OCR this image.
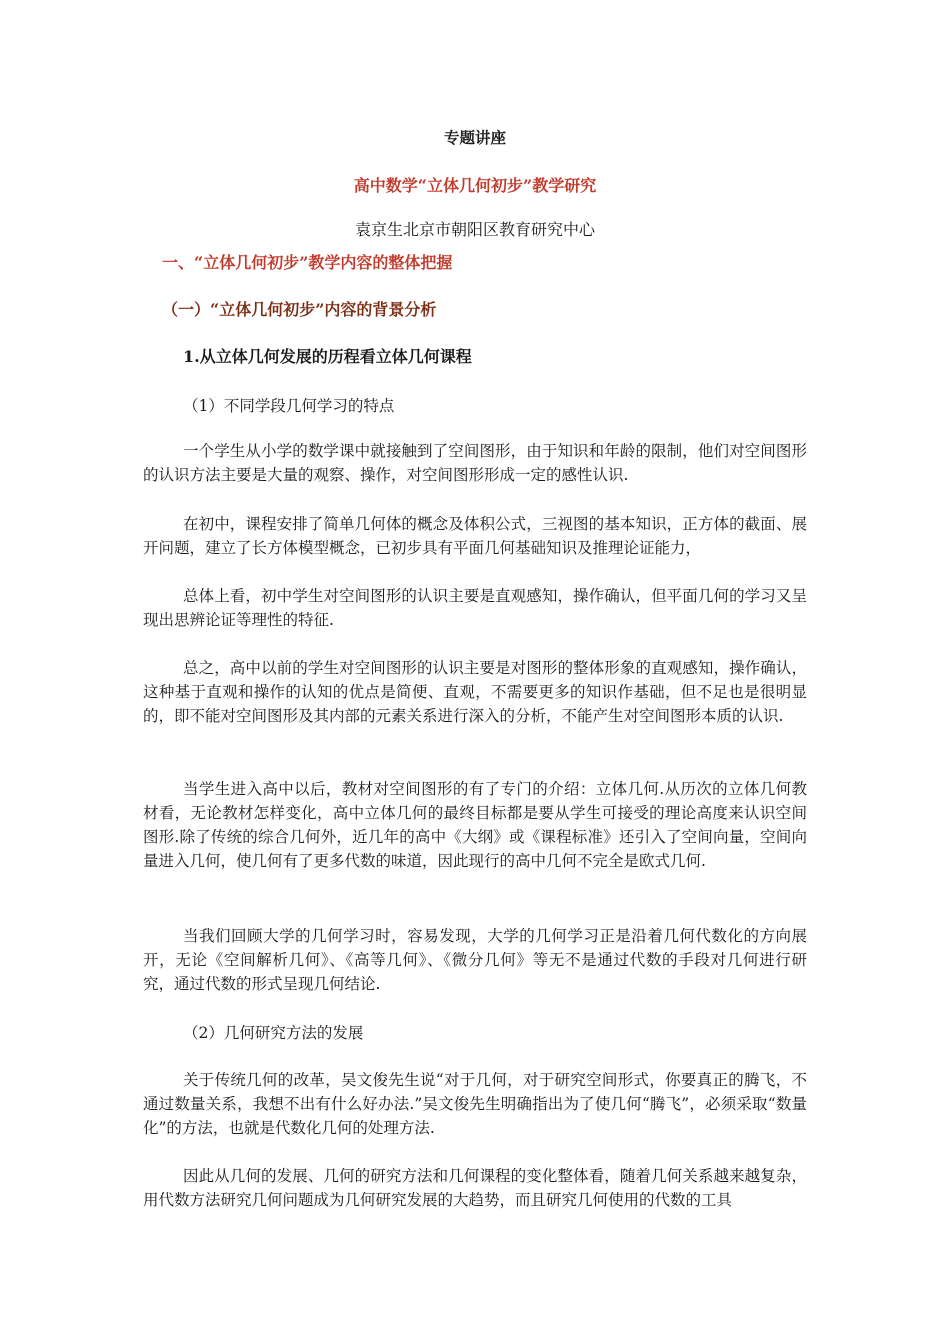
专题讲座
高中数学“立体几何初步”教学研究
袁京生北京市朝阳区教育研究中心
一、“立体几何初步”教学内容的整体把握
（一）“立体几何初步”内容的背景分析
1.从立体几何发展的历程看立体几何课程
（1）不同学段几何学习的特点

一个学生从小学的数学课中就接触到了空间图形，由于知识和年龄的限制，他们对空间图形的认识方法主要是大量的观察、操作，对空间图形形成一定的感性认识.

在初中，课程安排了简单几何体的概念及体积公式，三视图的基本知识，正方体的截面、展开问题，建立了长方体模型概念，已初步具有平面几何基础知识及推理论证能力，

总体上看，初中学生对空间图形的认识主要是直观感知，操作确认，但平面几何的学习又呈现出思辨论证等理性的特征.

总之，高中以前的学生对空间图形的认识主要是对图形的整体形象的直观感知，操作确认，这种基于直观和操作的认知的优点是简便、直观，不需要更多的知识作基础，但不足也是很明显的，即不能对空间图形及其内部的元素关系进行深入的分析，不能产生对空间图形本质的认识.

当学生进入高中以后，教材对空间图形的有了专门的介绍：立体几何.从历次的立体几何教材看，无论教材怎样变化，高中立体几何的最终目标都是要从学生可接受的理论高度来认识空间图形.除了传统的综合几何外，近几年的高中《大纲》或《课程标准》还引入了空间向量，空间向量进入几何，使几何有了更多代数的味道，因此现行的高中几何不完全是欧式几何.

当我们回顾大学的几何学习时，容易发现，大学的几何学习正是沿着几何代数化的方向展开，无论《空间解析几何》、《高等几何》、《微分几何》等无不是通过代数的手段对几何进行研究，通过代数的形式呈现几何结论.

（2）几何研究方法的发展

关于传统几何的改革，吴文俊先生说“对于几何，对于研究空间形式，你要真正的腾飞，不通过数量关系，我想不出有什么好办法.”吴文俊先生明确指出为了使几何“腾飞”，必须采取“数量化”的方法，也就是代数化几何的处理方法.

因此从几何的发展、几何的研究方法和几何课程的变化整体看，随着几何关系越来越复杂，用代数方法研究几何问题成为几何研究发展的大趋势，而且研究几何使用的代数的工具
